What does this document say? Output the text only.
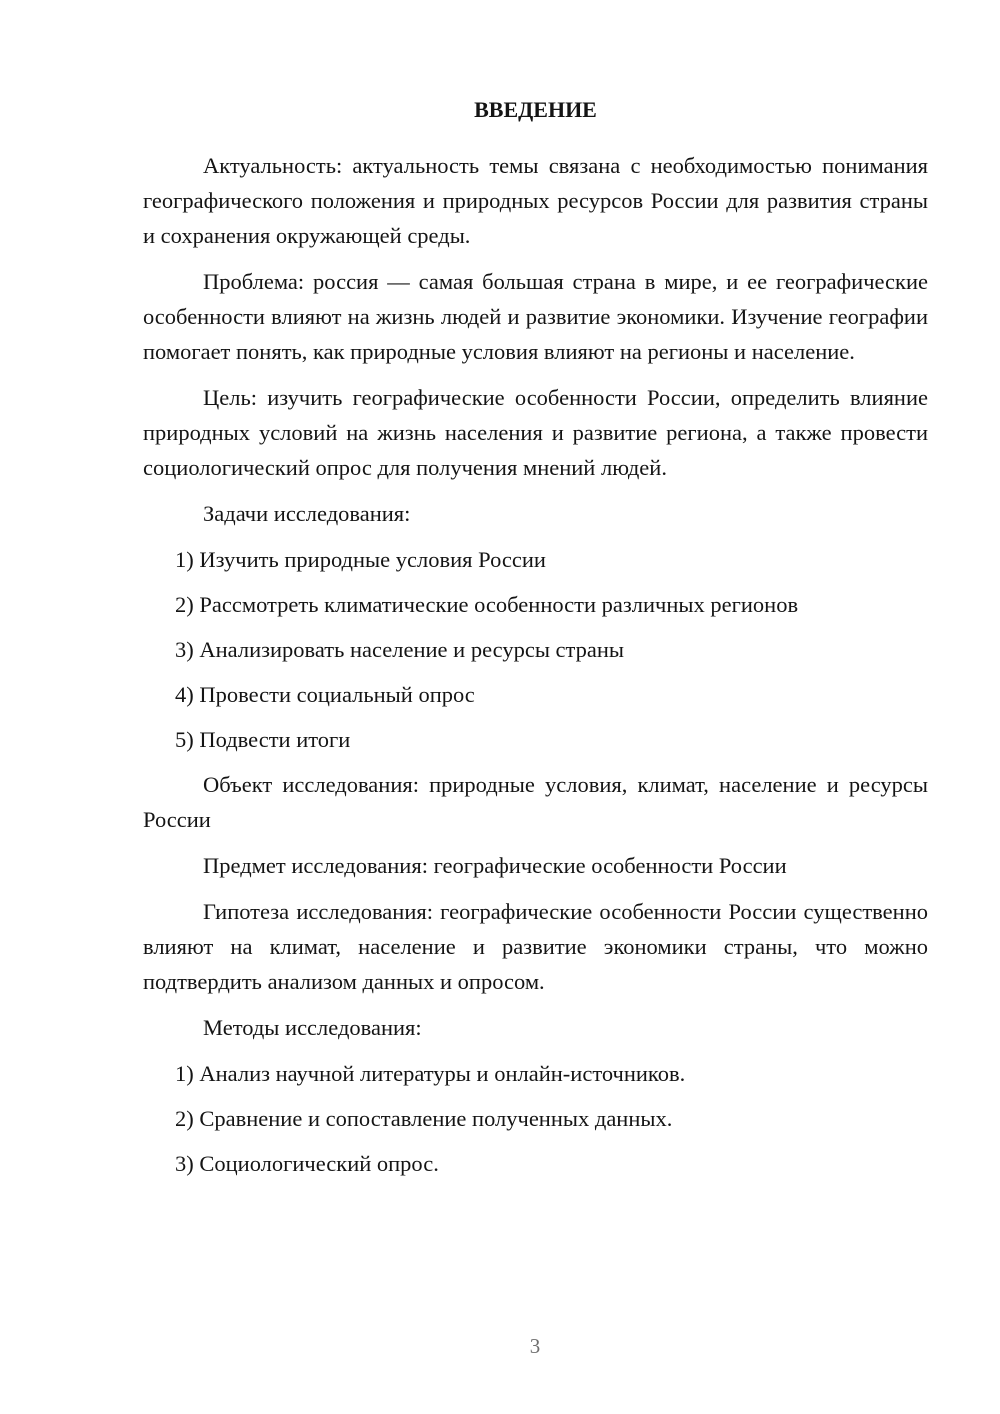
ВВЕДЕНИЕ

Актуальность: актуальность темы связана с необходимостью понимания географического положения и природных ресурсов России для развития страны и сохранения окружающей среды.

Проблема: россия — самая большая страна в мире, и ее географические особенности влияют на жизнь людей и развитие экономики. Изучение географии помогает понять, как природные условия влияют на регионы и население.

Цель: изучить географические особенности России, определить влияние природных условий на жизнь населения и развитие региона, а также провести социологический опрос для получения мнений людей.

Задачи исследования:

1) Изучить природные условия России
2) Рассмотреть климатические особенности различных регионов
3) Анализировать население и ресурсы страны
4) Провести социальный опрос
5) Подвести итоги

Объект исследования: природные условия, климат, население и ресурсы России

Предмет исследования: географические особенности России

Гипотеза исследования: географические особенности России существенно влияют на климат, население и развитие экономики страны, что можно подтвердить анализом данных и опросом.

Методы исследования:

1) Анализ научной литературы и онлайн-источников.
2) Сравнение и сопоставление полученных данных.
3) Социологический опрос.
3
